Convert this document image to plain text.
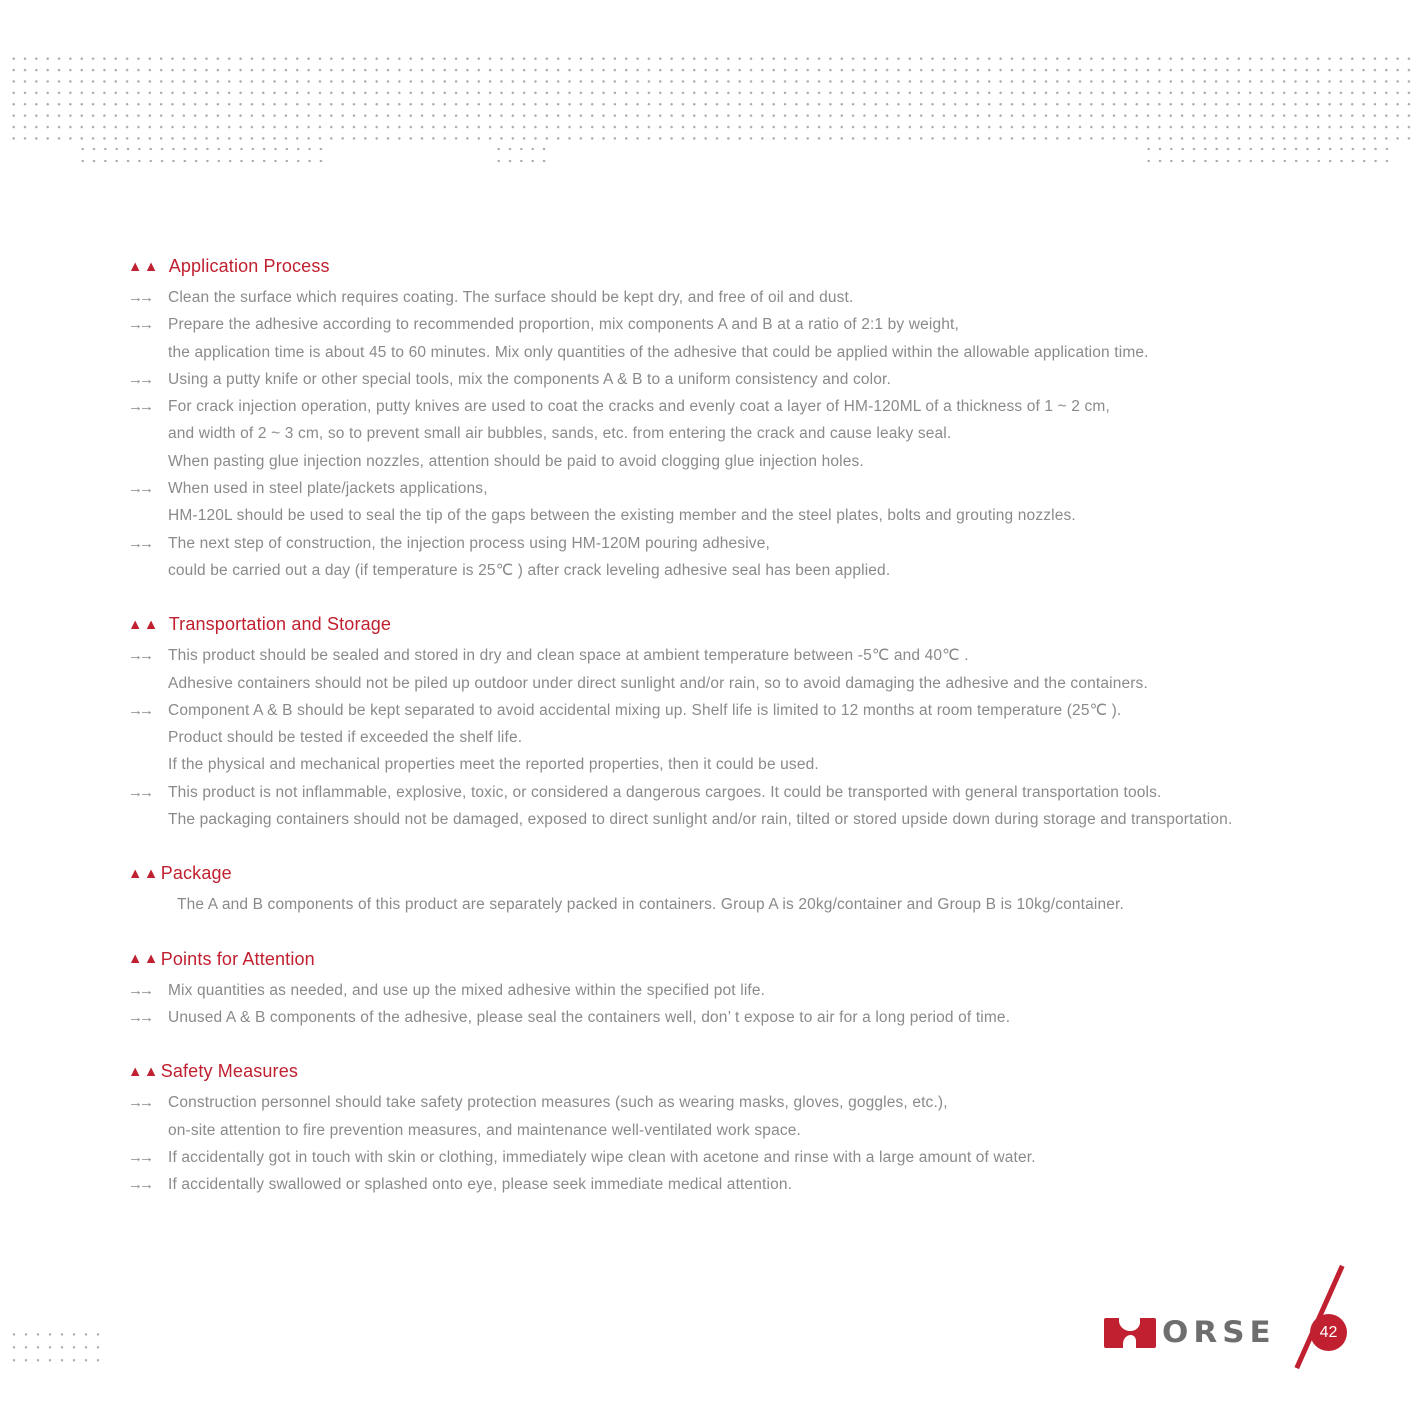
▲▲ Application Process
→→	Clean the surface which requires coating. The surface should be kept dry, and free of oil and dust.
→→	Prepare the adhesive according to recommended proportion, mix components A and B at a ratio of 2:1 by weight,
the application time is about 45 to 60 minutes. Mix only quantities of the adhesive that could be applied within the allowable application time.
→→	Using a putty knife or other special tools, mix the components A & B to a uniform consistency and color.
→→	For crack injection operation, putty knives are used to coat the cracks and evenly coat a layer of HM-120ML of a thickness of 1 ~ 2 cm,
and width of 2 ~ 3 cm, so to prevent small air bubbles, sands, etc. from entering the crack and cause leaky seal.
When pasting glue injection nozzles, attention should be paid to avoid clogging glue injection holes.
→→	When used in steel plate/jackets applications,
HM-120L should be used to seal the tip of the gaps between the existing member and the steel plates, bolts and grouting nozzles.
→→	The next step of construction, the injection process using HM-120M pouring adhesive,
could be carried out a day (if temperature is 25℃ ) after crack leveling adhesive seal has been applied.
▲▲ Transportation and Storage
→→	This product should be sealed and stored in dry and clean space at ambient temperature between -5℃ and 40℃ .
Adhesive containers should not be piled up outdoor under direct sunlight and/or rain, so to avoid damaging the adhesive and the containers.
→→	Component A & B should be kept separated to avoid accidental mixing up. Shelf life is limited to 12 months at room temperature (25℃ ).
Product should be tested if exceeded the shelf life.
If the physical and mechanical properties meet the reported properties, then it could be used.
→→	This product is not inflammable, explosive, toxic, or considered a dangerous cargoes. It could be transported with general transportation tools.
The packaging containers should not be damaged, exposed to direct sunlight and/or rain, tilted or stored upside down during storage and transportation.
▲▲ Package
The A and B components of this product are separately packed in containers. Group A is 20kg/container and Group B is 10kg/container.
▲▲ Points for Attention
→→	Mix quantities as needed, and use up the mixed adhesive within the specified pot life.
→→	Unused A & B components of the adhesive, please seal the containers well, don’ t expose to air for a long period of time.
▲▲ Safety Measures
→→	Construction personnel should take safety protection measures (such as wearing masks, gloves, goggles, etc.),
on-site attention to fire prevention measures, and maintenance well-ventilated work space.
→→	If accidentally got in touch with skin or clothing, immediately wipe clean with acetone and rinse with a large amount of water.
→→	If accidentally swallowed or splashed onto eye, please seek immediate medical attention.
ORSE	42
